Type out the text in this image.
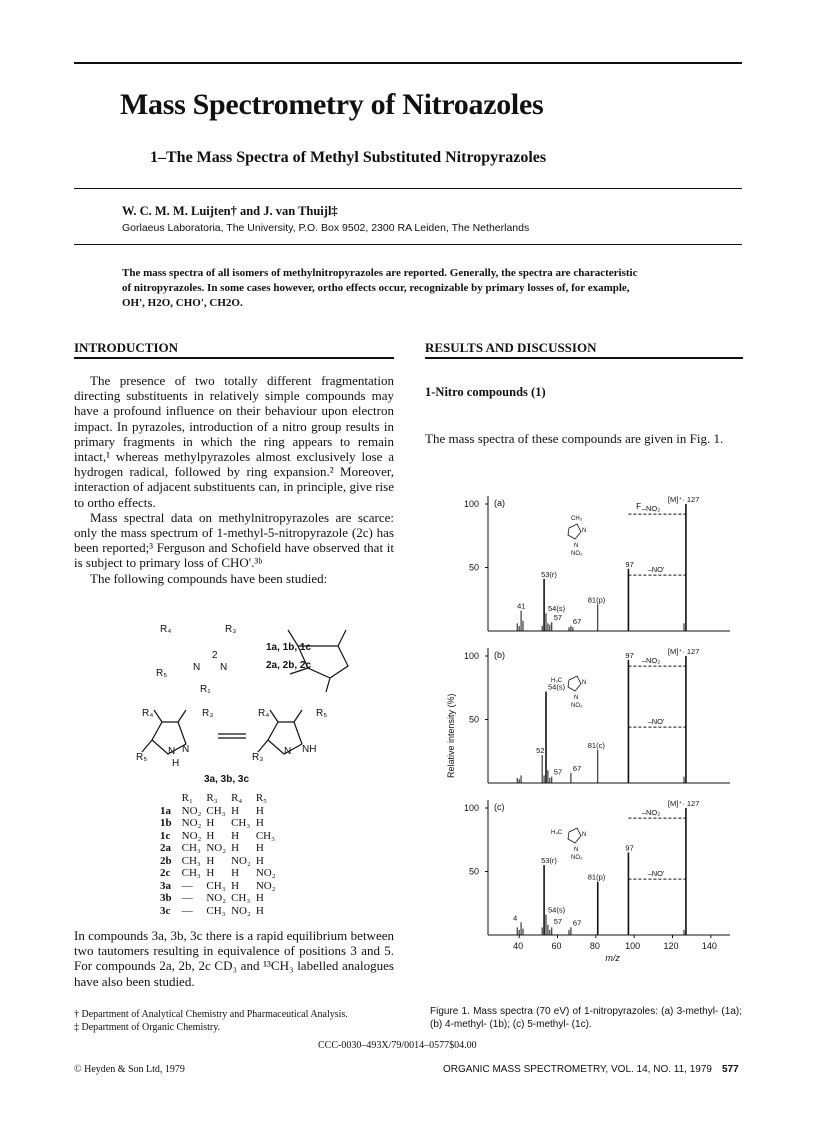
Mass Spectrometry of Nitroazoles
1–The Mass Spectra of Methyl Substituted Nitropyrazoles
W. C. M. M. Luijten† and J. van Thuijl‡
Gorlaeus Laboratoria, The University, P.O. Box 9502, 2300 RA Leiden, The Netherlands
The mass spectra of all isomers of methylnitropyrazoles are reported. Generally, the spectra are characteristic
of nitropyrazoles. In some cases however, ortho effects occur, recognizable by primary losses of, for example,
OH', H2O, CHO', CH2O.
INTRODUCTION

The presence of two totally different fragmentation directing substituents in relatively simple compounds may have a profound influence on their behaviour upon electron impact. In pyrazoles, introduction of a nitro group results in primary fragments in which the ring appears to remain intact,¹ whereas methylpyrazoles almost exclusively lose a hydrogen radical, followed by ring expansion.² Moreover, interaction of adjacent substituents can, in principle, give rise to ortho effects.

Mass spectral data on methylnitropyrazoles are scarce: only the mass spectrum of 1-methyl-5-nitropyrazole (2c) has been reported;³ Ferguson and Schofield have observed that it is subject to primary loss of CHO'.³ᵇ

The following compounds have been studied:

R₄	R₃
R₅
R₁
N N
2
1a, 1b, 1c
2a, 2b, 2c
R₄	R₃
R₅
N N
H
R₄	R₅
R₃
N NH
3a, 3b, 3c
	R₁	R₃	R₄	R₅
1a	NO₂	CH₃	H	H
1b	NO₂	H	CH₃	H
1c	NO₂	H	H	CH₃
2a	CH₃	NO₂	H	H
2b	CH₃	H	NO₂	H
2c	CH₃	H	H	NO₂
3a	—	CH₃	H	NO₂
3b	—	NO₂	CH₃	H
3c	—	CH₃	NO₂	H
In compounds 3a, 3b, 3c there is a rapid equilibrium between two tautomers resulting in equivalence of positions 3 and 5. For compounds 2a, 2b, 2c CD₃ and ¹³CH₃ labelled analogues have also been studied.
† Department of Analytical Chemistry and Pharmaceutical Analysis.
‡ Department of Organic Chemistry.
RESULTS AND DISCUSSION
1-Nitro compounds (1)
The mass spectra of these compounds are given in Fig. 1.
Relative intensity (%)
100
50
(a)	[M]⁺· 127
97
81(p)
53(r)
54(s)
41
57 67
F –NO₂
–NO'
CH₃
N
N
NO₂
100
50
(b)	[M]⁺· 127
97
81(c)
54(s)
52
57 67
–NO₂
–NO'
H₃C	N
N
NO₂
100
50
(c)	[M]⁺· 127
97
81(p)
53(r)
54(s)
4	57 67
–NO₂
–NO'
H₃C	N
N
NO₂
40	60	80	100	120	140
m/z
Figure 1. Mass spectra (70 eV) of 1-nitropyrazoles: (a) 3-methyl- (1a); (b) 4-methyl- (1b); (c) 5-methyl- (1c).
CCC-0030–493X/79/0014–0577$04.00
© Heyden & Son Ltd, 1979	ORGANIC MASS SPECTROMETRY, VOL. 14, NO. 11, 1979 577
